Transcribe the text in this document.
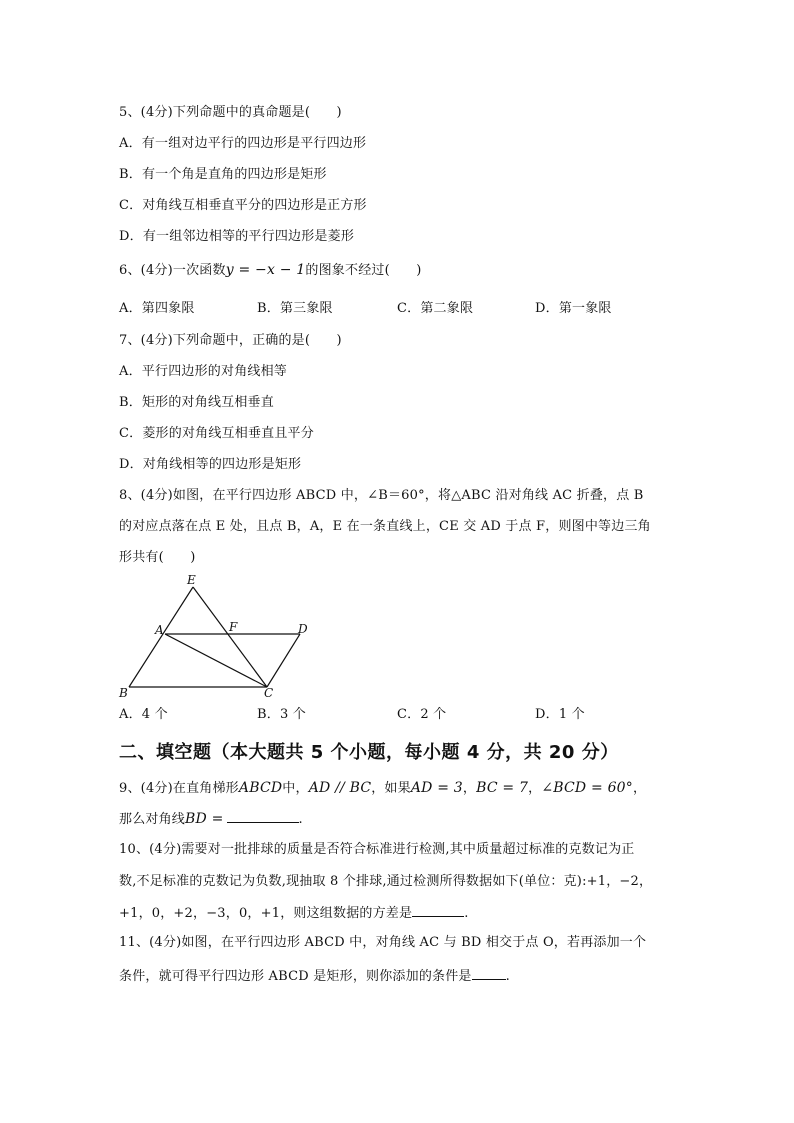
5、(4分)下列命题中的真命题是(　　)
A．有一组对边平行的四边形是平行四边形
B．有一个角是直角的四边形是矩形
C．对角线互相垂直平分的四边形是正方形
D．有一组邻边相等的平行四边形是菱形
6、(4分)一次函数y = −x − 1的图象不经过(　　)
A．第四象限	B．第三象限	C．第二象限	D．第一象限
7、(4分)下列命题中，正确的是(　　)
A．平行四边形的对角线相等
B．矩形的对角线互相垂直
C．菱形的对角线互相垂直且平分
D．对角线相等的四边形是矩形
8、(4分)如图，在平行四边形 ABCD 中，∠B＝60°，将△ABC 沿对角线 AC 折叠，点 B
的对应点落在点 E 处，且点 B，A，E 在一条直线上，CE 交 AD 于点 F，则图中等边三角
形共有(　　)
E
A	F	D
B	C
A．4 个	B．3 个	C．2 个	D．1 个
二、填空题（本大题共 5 个小题，每小题 4 分，共 20 分）
9、(4分)在直角梯形ABCD中，AD // BC，如果AD = 3，BC = 7，∠BCD = 60°，
那么对角线BD =	.
10、(4分)需要对一批排球的质量是否符合标准进行检测,其中质量超过标准的克数记为正
数,不足标准的克数记为负数,现抽取 8 个排球,通过检测所得数据如下(单位：克):+1，−2，
+1，0，+2，−3，0，+1，则这组数据的方差是	.
11、(4分)如图，在平行四边形 ABCD 中，对角线 AC 与 BD 相交于点 O，若再添加一个
条件，就可得平行四边形 ABCD 是矩形，则你添加的条件是	.
